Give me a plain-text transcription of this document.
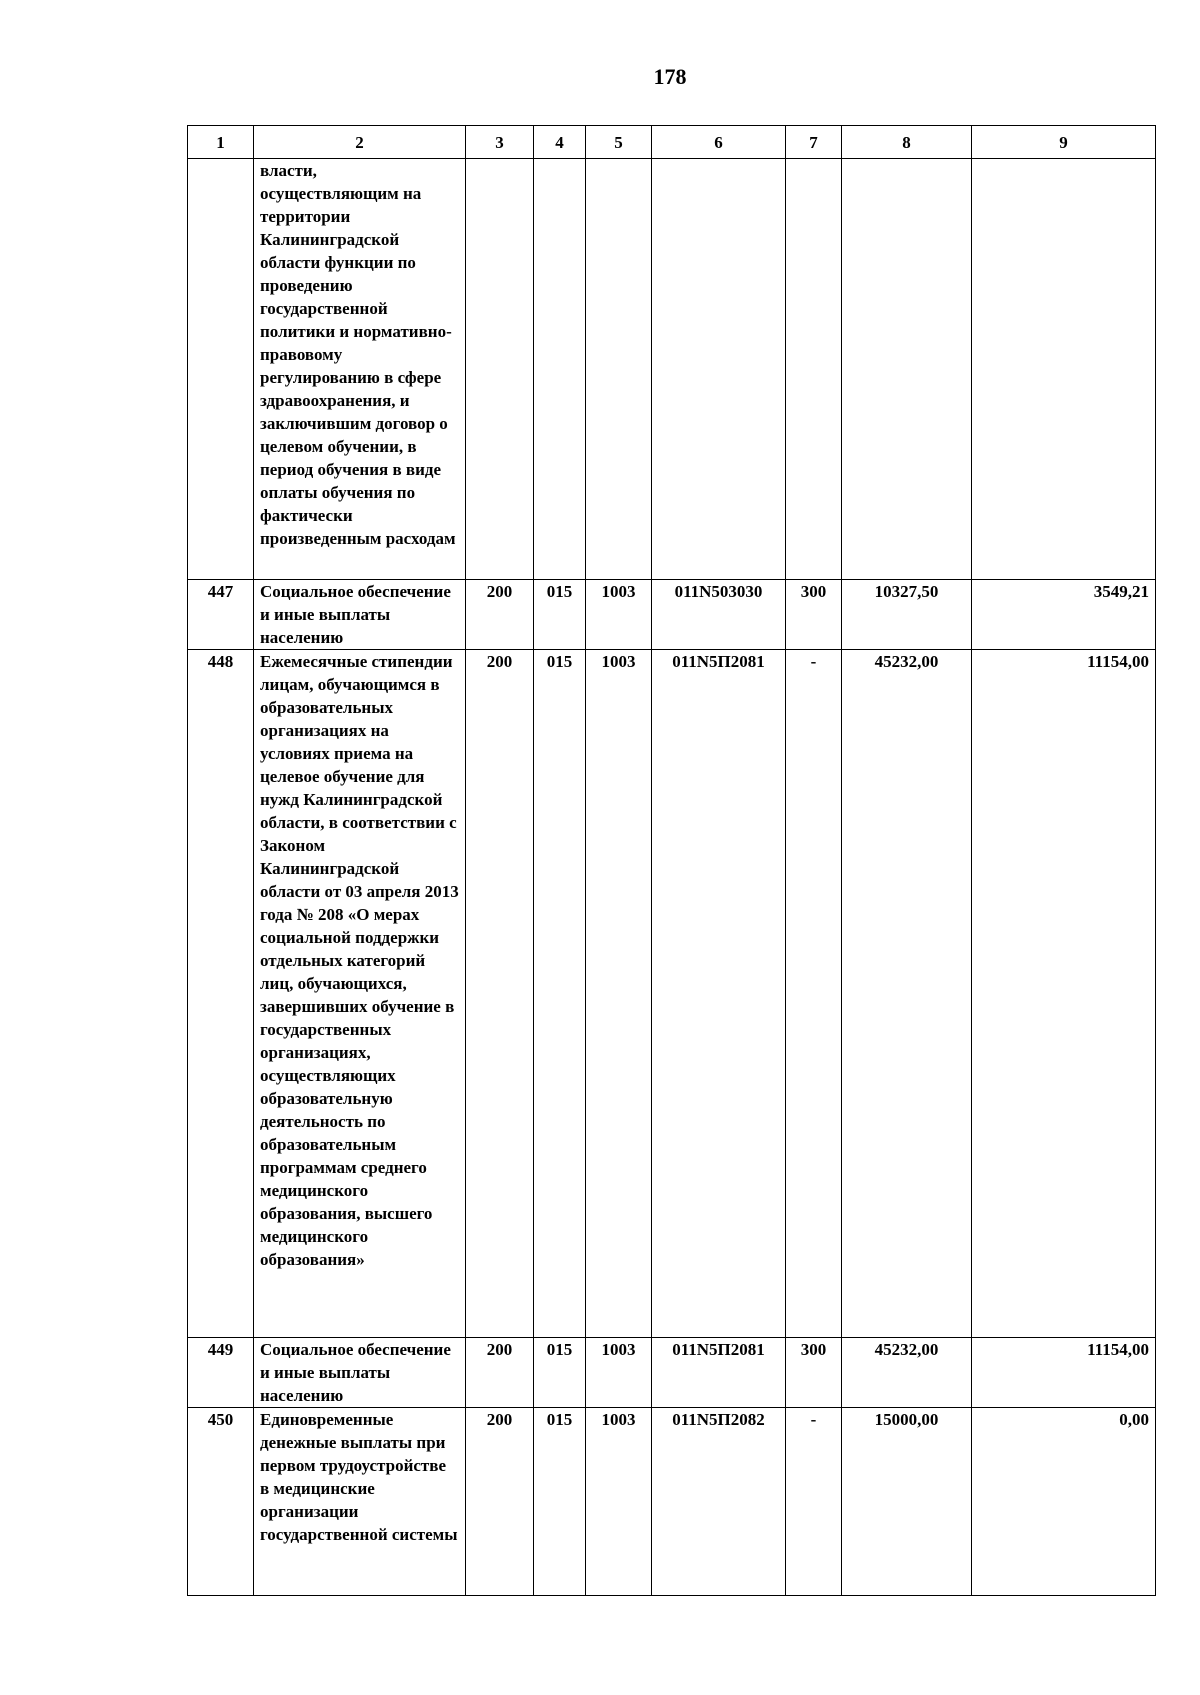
178
1	2	3	4	5	6	7	8	9
	власти, осуществляющим на территории Калининградской области функции по проведению государственной политики и нормативно-правовому регулированию в сфере здравоохранения, и заключившим договор о целевом обучении, в период обучения в виде оплаты обучения по фактически произведенным расходам							
447	Социальное обеспечение и иные выплаты населению	200	015	1003	011N503030	300	10327,50	3549,21
448	Ежемесячные стипендии лицам, обучающимся в образовательных организациях на условиях приема на целевое обучение для нужд Калининградской области, в соответствии с Законом Калининградской области от 03 апреля 2013 года № 208 «О мерах социальной поддержки отдельных категорий лиц, обучающихся, завершивших обучение в государственных организациях, осуществляющих образовательную деятельность по образовательным программам среднего медицинского образования, высшего медицинского образования»	200	015	1003	011N5П2081	-	45232,00	11154,00
449	Социальное обеспечение и иные выплаты населению	200	015	1003	011N5П2081	300	45232,00	11154,00
450	Единовременные денежные выплаты при первом трудоустройстве в медицинские организации государственной системы	200	015	1003	011N5П2082	-	15000,00	0,00
